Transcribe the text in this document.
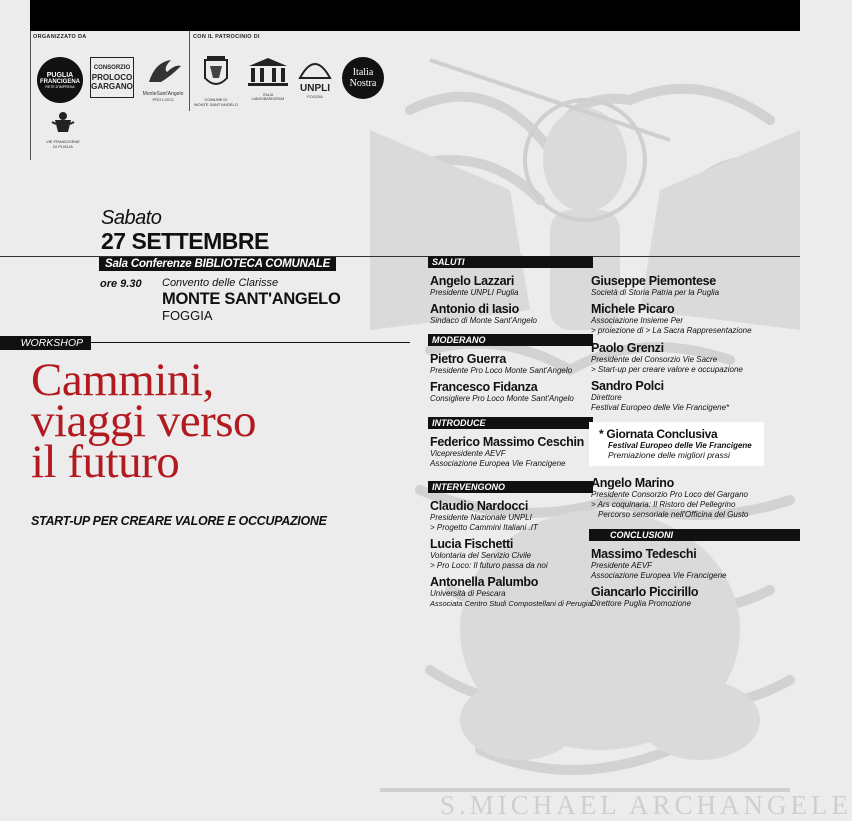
S.MICHAEL ARCHANGELE
ORGANIZZATO DA	CON IL PATROCINIO DI
PUGLIA
FRANCIGENA
RETE D'IMPRESA
CONSORZIO
PROLOCO
GARGANO
MonteSant'Angelo
PRO LOCO
VIE FRANCIGENE
DI PUGLIA
COMUNE DI
MONTE SANT'ANGELO
ITALIA
LANGOBARDORUM
UNPLI
FOGGIA
Italia
Nostra
Sabato
27 SETTEMBRE
Sala Conferenze BIBLIOTECA COMUNALE
ore 9.30 Convento delle Clarisse
MONTE SANT'ANGELO
FOGGIA
WORKSHOP
Cammini,
viaggi verso
il futuro
START-UP PER CREARE VALORE E OCCUPAZIONE
SALUTI
Angelo Lazzari
Presidente UNPLI Puglia
Antonio di Iasio
Sindaco di Monte Sant'Angelo
MODERANO
Pietro Guerra
Presidente Pro Loco Monte Sant'Angelo
Francesco Fidanza
Consigliere Pro Loco Monte Sant'Angelo
INTRODUCE
Federico Massimo Ceschin
Vicepresidente AEVF
Associazione Europea Vie Francigene
INTERVENGONO
Claudio Nardocci
Presidente Nazionale UNPLI
> Progetto Cammini Italiani .IT
Lucia Fischetti
Volontaria del Servizio Civile
> Pro Loco: Il futuro passa da noi
Antonella Palumbo
Università di Pescara
Associata Centro Studi Compostellani di Perugia
Giuseppe Piemontese
Società di Storia Patria per la Puglia
Michele Picaro
Associazione Insieme Per
> proiezione di > La Sacra Rappresentazione
Paolo Grenzi
Presidente del Consorzio Vie Sacre
> Start-up per creare valore e occupazione
Sandro Polci
Direttore
Festival Europeo delle Vie Francigene*
* Giornata Conclusiva
Festival Europeo delle Vie Francigene
Premiazione delle migliori prassi
Angelo Marino
Presidente Consorzio Pro Loco del Gargano
> Ars coquinaria: Il Ristoro del Pellegrino
Percorso sensoriale nell'Officina del Gusto
CONCLUSIONI
Massimo Tedeschi
Presidente AEVF
Associazione Europea Vie Francigene
Giancarlo Piccirillo
Direttore Puglia Promozione
